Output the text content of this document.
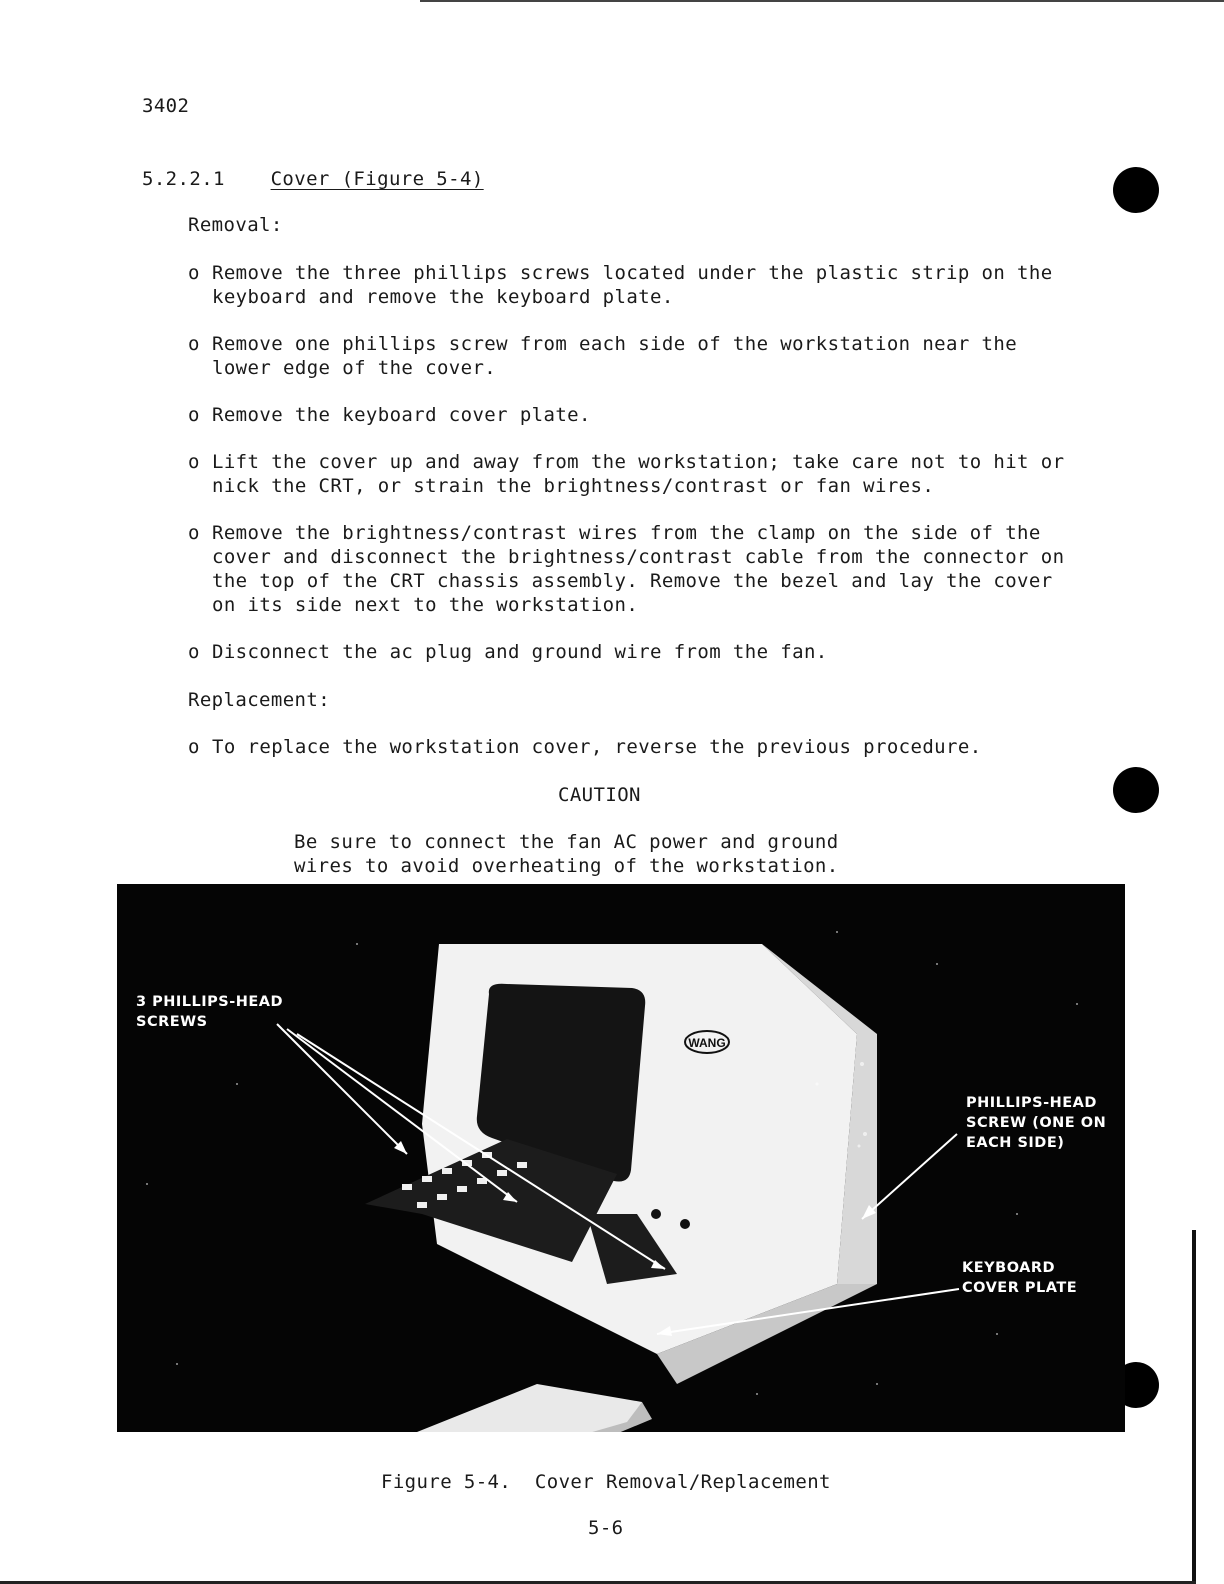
3402
5.2.2.1 Cover (Figure 5-4)
Removal:
o Remove the three phillips screws located under the plastic strip on the
keyboard and remove the keyboard plate.
o Remove one phillips screw from each side of the workstation near the
lower edge of the cover.
o Remove the keyboard cover plate.
o Lift the cover up and away from the workstation; take care not to hit or
nick the CRT, or strain the brightness/contrast or fan wires.
o Remove the brightness/contrast wires from the clamp on the side of the
cover and disconnect the brightness/contrast cable from the connector on
the top of the CRT chassis assembly. Remove the bezel and lay the cover
on its side next to the workstation.
o Disconnect the ac plug and ground wire from the fan.
Replacement:
o To replace the workstation cover, reverse the previous procedure.
CAUTION
Be sure to connect the fan AC power and ground
wires to avoid overheating of the workstation.
WANG
3 PHILLIPS-HEAD
SCREWS
PHILLIPS-HEAD
SCREW (ONE ON
EACH SIDE)
KEYBOARD
COVER PLATE
Figure 5-4.  Cover Removal/Replacement
5-6
